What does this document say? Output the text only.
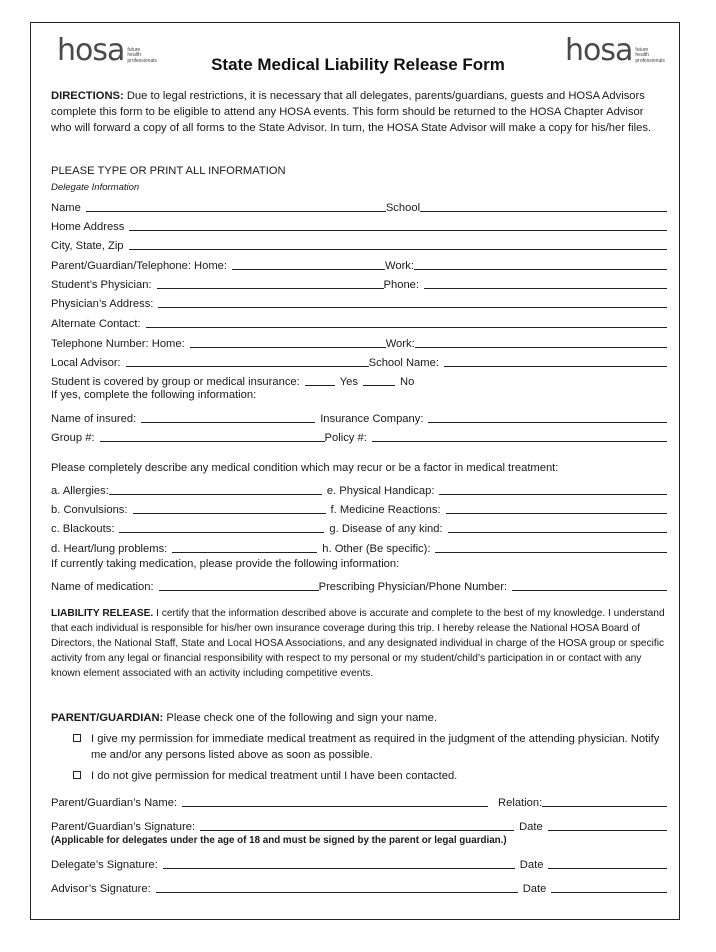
hosa future
health
professionals	hosa future
health
professionals
State Medical Liability Release Form
DIRECTIONS: Due to legal restrictions, it is necessary that all delegates, parents/guardians, guests and HOSA Advisors complete this form to be eligible to attend any HOSA events. This form should be returned to the HOSA Chapter Advisor who will forward a copy of all forms to the State Advisor. In turn, the HOSA State Advisor will make a copy for his/her files.
PLEASE TYPE OR PRINT ALL INFORMATION
Delegate Information
Name	School
Home Address
City, State, Zip
Parent/Guardian/Telephone: Home:	Work:
Student’s Physician:	Phone:
Physician’s Address:
Alternate Contact:
Telephone Number: Home:	Work:
Local Advisor:	School Name:
Student is covered by group or medical insurance:	Yes	No
If yes, complete the following information:
Name of insured:	Insurance Company:
Group #:	Policy #:
Please completely describe any medical condition which may recur or be a factor in medical treatment:
a. Allergies:	e. Physical Handicap:
b. Convulsions:	f. Medicine Reactions:
c. Blackouts:	g. Disease of any kind:
d. Heart/lung problems:	h. Other (Be specific):
If currently taking medication, please provide the following information:
Name of medication:	Prescribing Physician/Phone Number:
LIABILITY RELEASE. I certify that the information described above is accurate and complete to the best of my knowledge. I understand that each individual is responsible for his/her own insurance coverage during this trip. I hereby release the National HOSA Board of Directors, the National Staff, State and Local HOSA Associations, and any designated individual in charge of the HOSA group or specific activity from any legal or financial responsibility with respect to my personal or my student/child’s participation in or contact with any known element associated with an activity including competitive events.
PARENT/GUARDIAN: Please check one of the following and sign your name.
I give my permission for immediate medical treatment as required in the judgment of the attending physician. Notify me and/or any persons listed above as soon as possible.
I do not give permission for medical treatment until I have been contacted.
Parent/Guardian’s Name:	Relation:
Parent/Guardian’s Signature:	Date
(Applicable for delegates under the age of 18 and must be signed by the parent or legal guardian.)
Delegate’s Signature:	Date
Advisor’s Signature:	Date
